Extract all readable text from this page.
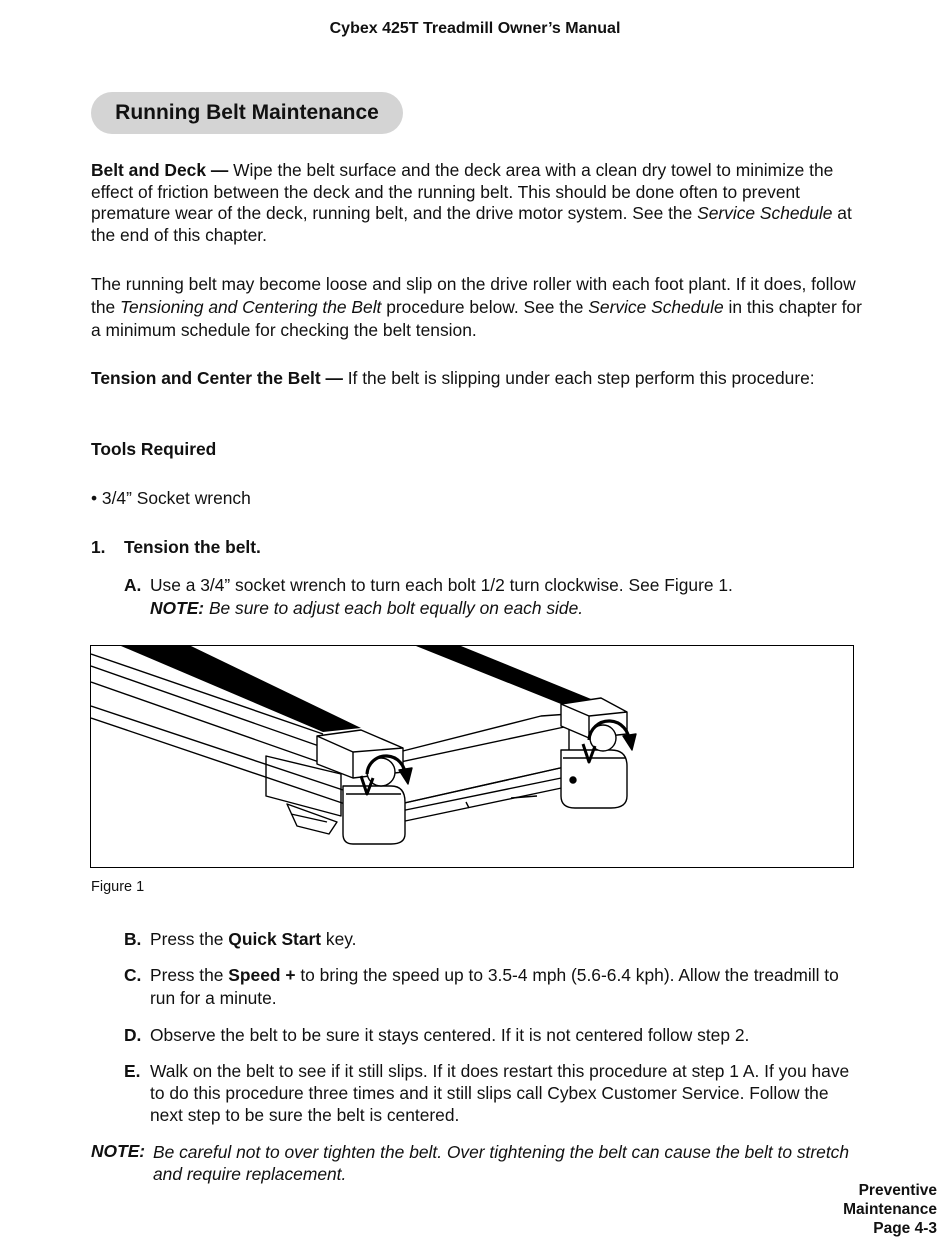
Cybex 425T Treadmill Owner’s Manual
Running Belt Maintenance

Belt and Deck — Wipe the belt surface and the deck area with a clean dry towel to minimize the effect of friction between the deck and the running belt. This should be done often to prevent premature wear of the deck, running belt, and the drive motor system. See the Service Schedule at the end of this chapter.

The running belt may become loose and slip on the drive roller with each foot plant. If it does, follow the Tensioning and Centering the Belt procedure below. See the Service Schedule in this chapter for a minimum schedule for checking the belt tension.

Tension and Center the Belt — If the belt is slipping under each step perform this procedure:

Tools Required
• 3/4” Socket wrench
1. Tension the belt.
A. Use a 3/4” socket wrench to turn each bolt 1/2 turn clockwise. See Figure 1.
NOTE: Be sure to adjust each bolt equally on each side.

Figure 1
B. Press the Quick Start key.

C. Press the Speed + to bring the speed up to 3.5-4 mph (5.6-6.4 kph). Allow the treadmill to run for a minute.

D. Observe the belt to be sure it stays centered. If it is not centered follow step 2.

E. Walk on the belt to see if it still slips. If it does restart this procedure at step 1 A. If you have to do this procedure three times and it still slips call Cybex Customer Service. Follow the next step to be sure the belt is centered.

NOTE: Be careful not to over tighten the belt. Over tightening the belt can cause the belt to stretch and require replacement.

Preventive
Maintenance
Page 4-3
